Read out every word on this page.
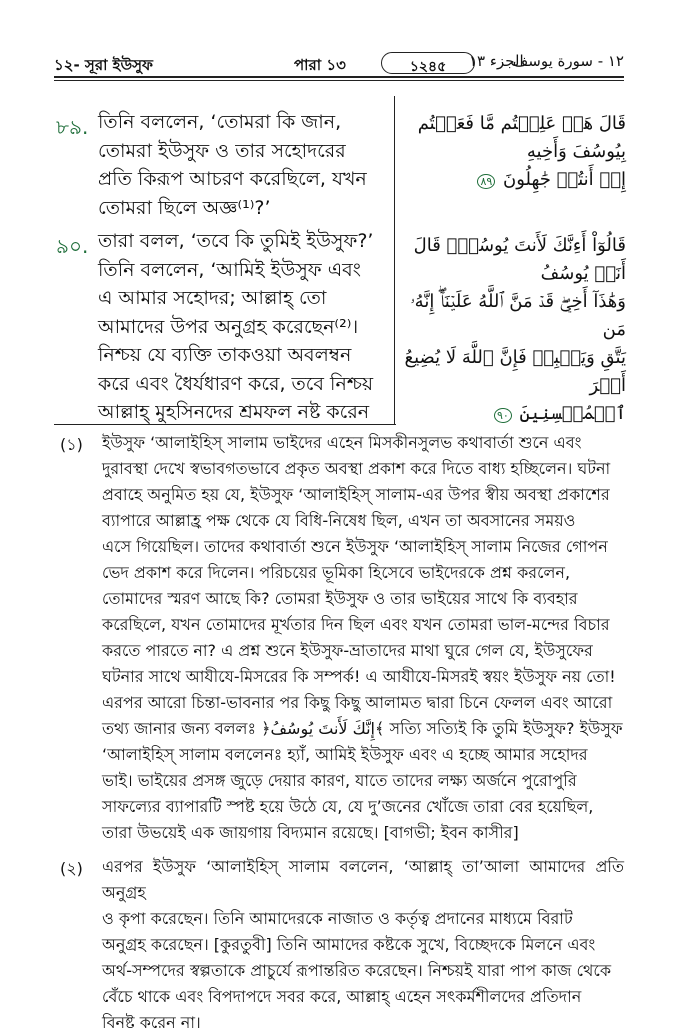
১২- সূরা ইউসুফ	পারা ১৩	১২৪৫	الجزء ١٣
١٢ - سورة يوسف
৮৯. তিনি বললেন, ‘তোমরা কি জান,

তোমরা ইউসুফ ও তার সহোদরের

প্রতি কিরূপ আচরণ করেছিলে, যখন

তোমরা ছিলে অজ্ঞ⁽¹⁾?’

قَالَ هَلۡ عَلِمۡتُم مَّا فَعَلۡتُم بِيُوسُفَ وَأَخِيهِ
إِذۡ أَنتُمۡ جَٰهِلُونَ ٨٩
৯০. তারা বলল, ‘তবে কি তুমিই ইউসুফ?’

তিনি বললেন, ‘আমিই ইউসুফ এবং

এ আমার সহোদর; আল্লাহ্ তো

আমাদের উপর অনুগ্রহ করেছেন⁽²⁾।

নিশ্চয় যে ব্যক্তি তাকওয়া অবলম্বন

করে এবং ধৈর্যধারণ করে, তবে নিশ্চয়

আল্লাহ্ মুহসিনদের শ্রমফল নষ্ট করেন

قَالُوٓاْ أَءِنَّكَ لَأَنتَ يُوسُفُۖ قَالَ أَنَا۠ يُوسُفُ
وَهَٰذَآ أَخِيۖ قَدۡ مَنَّ ٱللَّهُ عَلَيۡنَآۖ إِنَّهُۥ مَن
يَتَّقِ وَيَصۡبِرۡ فَإِنَّ ٱللَّهَ لَا يُضِيعُ أَجۡرَ
ٱلۡمُحۡسِنِينَ ٩٠
(১) ইউসুফ ‘আলাইহিস্ সালাম ভাইদের এহেন মিসকীনসুলভ কথাবার্তা শুনে এবং

দুরাবস্থা দেখে স্বভাবগতভাবে প্রকৃত অবস্থা প্রকাশ করে দিতে বাধ্য হচ্ছিলেন। ঘটনা

প্রবাহে অনুমিত হয় যে, ইউসুফ ‘আলাইহিস্ সালাম-এর উপর স্বীয় অবস্থা প্রকাশের

ব্যাপারে আল্লাহ্র পক্ষ থেকে যে বিধি-নিষেধ ছিল, এখন তা অবসানের সময়ও

এসে গিয়েছিল। তাদের কথাবার্তা শুনে ইউসুফ ‘আলাইহিস্ সালাম নিজের গোপন

ভেদ প্রকাশ করে দিলেন। পরিচয়ের ভূমিকা হিসেবে ভাইদেরকে প্রশ্ন করলেন,

তোমাদের স্মরণ আছে কি? তোমরা ইউসুফ ও তার ভাইয়ের সাথে কি ব্যবহার

করেছিলে, যখন তোমাদের মূর্খতার দিন ছিল এবং যখন তোমরা ভাল-মন্দের বিচার

করতে পারতে না? এ প্রশ্ন শুনে ইউসুফ-ভ্রাতাদের মাথা ঘুরে গেল যে, ইউসুফের

ঘটনার সাথে আযীযে-মিসরের কি সম্পর্ক! এ আযীযে-মিসরই স্বয়ং ইউসুফ নয় তো!

এরপর আরো চিন্তা-ভাবনার পর কিছু কিছু আলামত দ্বারা চিনে ফেলল এবং আরো

তথ্য জানার জন্য বললঃ ﴿إِنَّكَ لَأَنتَ يُوسُفُ﴾ সত্যি সত্যিই কি তুমি ইউসুফ? ইউসুফ

‘আলাইহিস্ সালাম বললেনঃ হ্যাঁ, আমিই ইউসুফ এবং এ হচ্ছে আমার সহোদর

ভাই। ভাইয়ের প্রসঙ্গ জুড়ে দেয়ার কারণ, যাতে তাদের লক্ষ্য অর্জনে পুরোপুরি

সাফল্যের ব্যাপারটি স্পষ্ট হয়ে উঠে যে, যে দু’জনের খোঁজে তারা বের হয়েছিল,

তারা উভয়েই এক জায়গায় বিদ্যমান রয়েছে। [বাগভী; ইবন কাসীর]

(২) এরপর ইউসুফ ‘আলাইহিস্ সালাম বললেন, ‘আল্লাহ্ তা’আলা আমাদের প্রতি অনুগ্রহ

ও কৃপা করেছেন। তিনি আমাদেরকে নাজাত ও কর্তৃত্ব প্রদানের মাধ্যমে বিরাট

অনুগ্রহ করেছেন। [কুরতুবী] তিনি আমাদের কষ্টকে সুখে, বিচ্ছেদকে মিলনে এবং

অর্থ-সম্পদের স্বল্পতাকে প্রাচুর্যে রূপান্তরিত করেছেন। নিশ্চয়ই যারা পাপ কাজ থেকে

বেঁচে থাকে এবং বিপদাপদে সবর করে, আল্লাহ্ এহেন সৎকর্মশীলদের প্রতিদান

বিনষ্ট করেন না।
